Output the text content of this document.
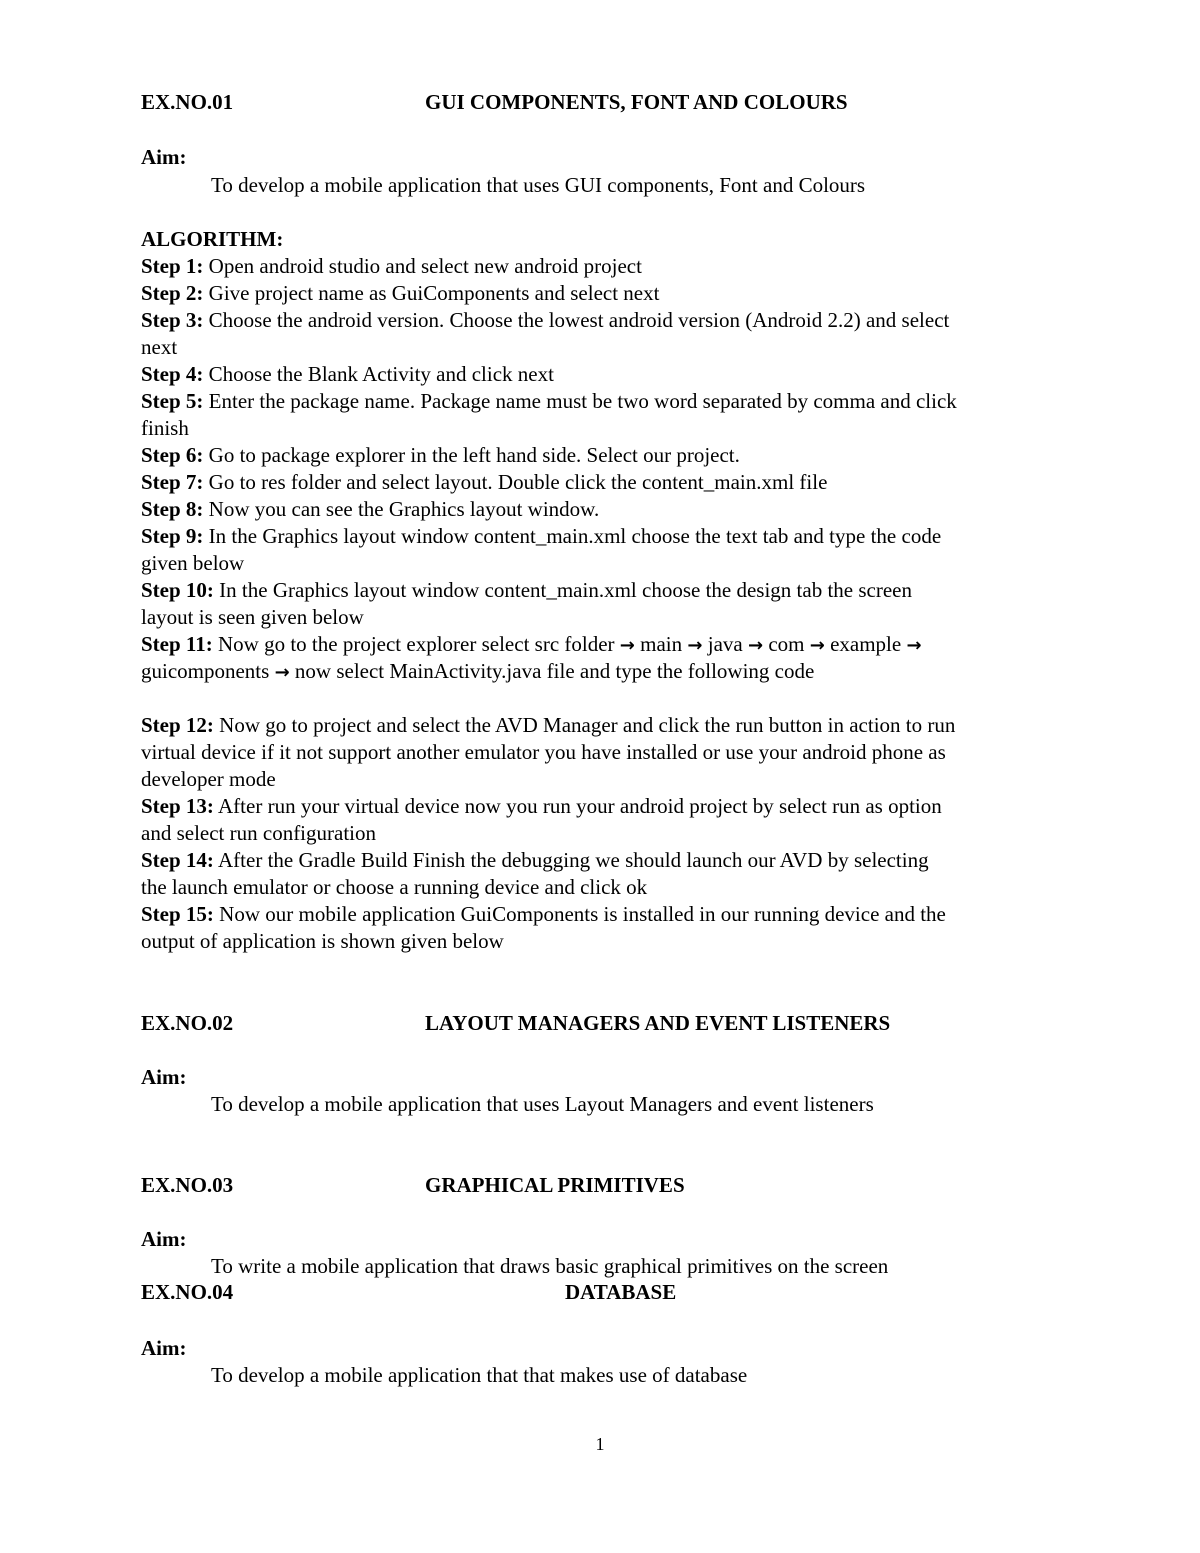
EX.NO.01	GUI COMPONENTS, FONT AND COLOURS
Aim:
To develop a mobile application that uses GUI components, Font and Colours
ALGORITHM:
Step 1: Open android studio and select new android project
Step 2: Give project name as GuiComponents and select next
Step 3: Choose the android version. Choose the lowest android version (Android 2.2) and select
next
Step 4: Choose the Blank Activity and click next
Step 5: Enter the package name. Package name must be two word separated by comma and click
finish
Step 6: Go to package explorer in the left hand side. Select our project.
Step 7: Go to res folder and select layout. Double click the content_main.xml file
Step 8: Now you can see the Graphics layout window.
Step 9: In the Graphics layout window content_main.xml choose the text tab and type the code
given below
Step 10: In the Graphics layout window content_main.xml choose the design tab the screen
layout is seen given below
Step 11: Now go to the project explorer select src folder → main → java → com → example →
guicomponents → now select MainActivity.java file and type the following code
Step 12: Now go to project and select the AVD Manager and click the run button in action to run
virtual device if it not support another emulator you have installed or use your android phone as
developer mode
Step 13: After run your virtual device now you run your android project by select run as option
and select run configuration
Step 14: After the Gradle Build Finish the debugging we should launch our AVD by selecting
the launch emulator or choose a running device and click ok
Step 15: Now our mobile application GuiComponents is installed in our running device and the
output of application is shown given below
EX.NO.02	LAYOUT MANAGERS AND EVENT LISTENERS
Aim:
To develop a mobile application that uses Layout Managers and event listeners
EX.NO.03	GRAPHICAL PRIMITIVES
Aim:
To write a mobile application that draws basic graphical primitives on the screen
EX.NO.04	DATABASE
Aim:
To develop a mobile application that that makes use of database
1
